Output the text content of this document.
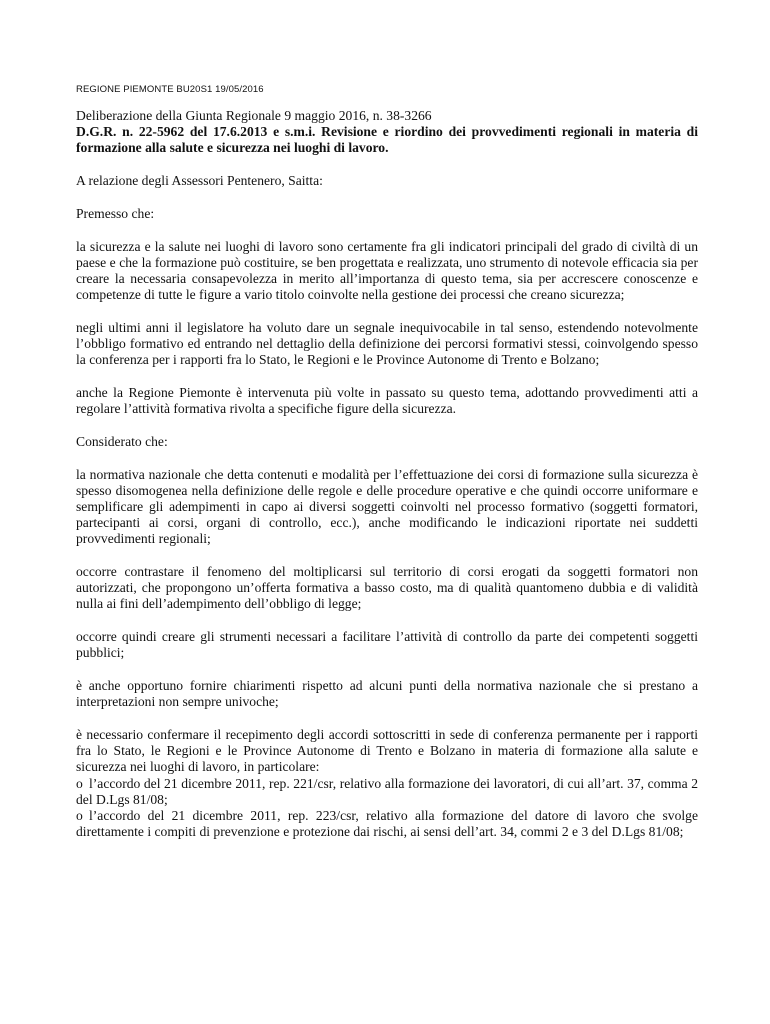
REGIONE PIEMONTE BU20S1 19/05/2016

Deliberazione della Giunta Regionale 9 maggio 2016, n. 38-3266

D.G.R. n. 22-5962 del 17.6.2013 e s.m.i. Revisione e riordino dei provvedimenti regionali in materia di formazione alla salute e sicurezza nei luoghi di lavoro.

A relazione degli Assessori Pentenero, Saitta:

Premesso che:

la sicurezza e la salute nei luoghi di lavoro sono certamente fra gli indicatori principali del grado di civiltà di un paese e che la formazione può costituire, se ben progettata e realizzata, uno strumento di notevole efficacia sia per creare la necessaria consapevolezza in merito all’importanza di questo tema, sia per accrescere conoscenze e competenze di tutte le figure a vario titolo coinvolte nella gestione dei processi che creano sicurezza;

negli ultimi anni il legislatore ha voluto dare un segnale inequivocabile in tal senso, estendendo notevolmente l’obbligo formativo ed entrando nel dettaglio della definizione dei percorsi formativi stessi, coinvolgendo spesso la conferenza per i rapporti fra lo Stato, le Regioni e le Province Autonome di Trento e Bolzano;

anche la Regione Piemonte è intervenuta più volte in passato su questo tema, adottando provvedimenti atti a regolare l’attività formativa rivolta a specifiche figure della sicurezza.

Considerato che:

la normativa nazionale che detta contenuti e modalità per l’effettuazione dei corsi di formazione sulla sicurezza è spesso disomogenea nella definizione delle regole e delle procedure operative e che quindi occorre uniformare e semplificare gli adempimenti in capo ai diversi soggetti coinvolti nel processo formativo (soggetti formatori, partecipanti ai corsi, organi di controllo, ecc.), anche modificando le indicazioni riportate nei suddetti provvedimenti regionali;

occorre contrastare il fenomeno del moltiplicarsi sul territorio di corsi erogati da soggetti formatori non autorizzati, che propongono un’offerta formativa a basso costo, ma di qualità quantomeno dubbia e di validità nulla ai fini dell’adempimento dell’obbligo di legge;

occorre quindi creare gli strumenti necessari a facilitare l’attività di controllo da parte dei competenti soggetti pubblici;

è anche opportuno fornire chiarimenti rispetto ad alcuni punti della normativa nazionale che si prestano a interpretazioni non sempre univoche;

è necessario confermare il recepimento degli accordi sottoscritti in sede di conferenza permanente per i rapporti fra lo Stato, le Regioni e le Province Autonome di Trento e Bolzano in materia di formazione alla salute e sicurezza nei luoghi di lavoro, in particolare:

o l’accordo del 21 dicembre 2011, rep. 221/csr, relativo alla formazione dei lavoratori, di cui all’art. 37, comma 2 del D.Lgs 81/08;

o l’accordo del 21 dicembre 2011, rep. 223/csr, relativo alla formazione del datore di lavoro che svolge direttamente i compiti di prevenzione e protezione dai rischi, ai sensi dell’art. 34, commi 2 e 3 del D.Lgs 81/08;
